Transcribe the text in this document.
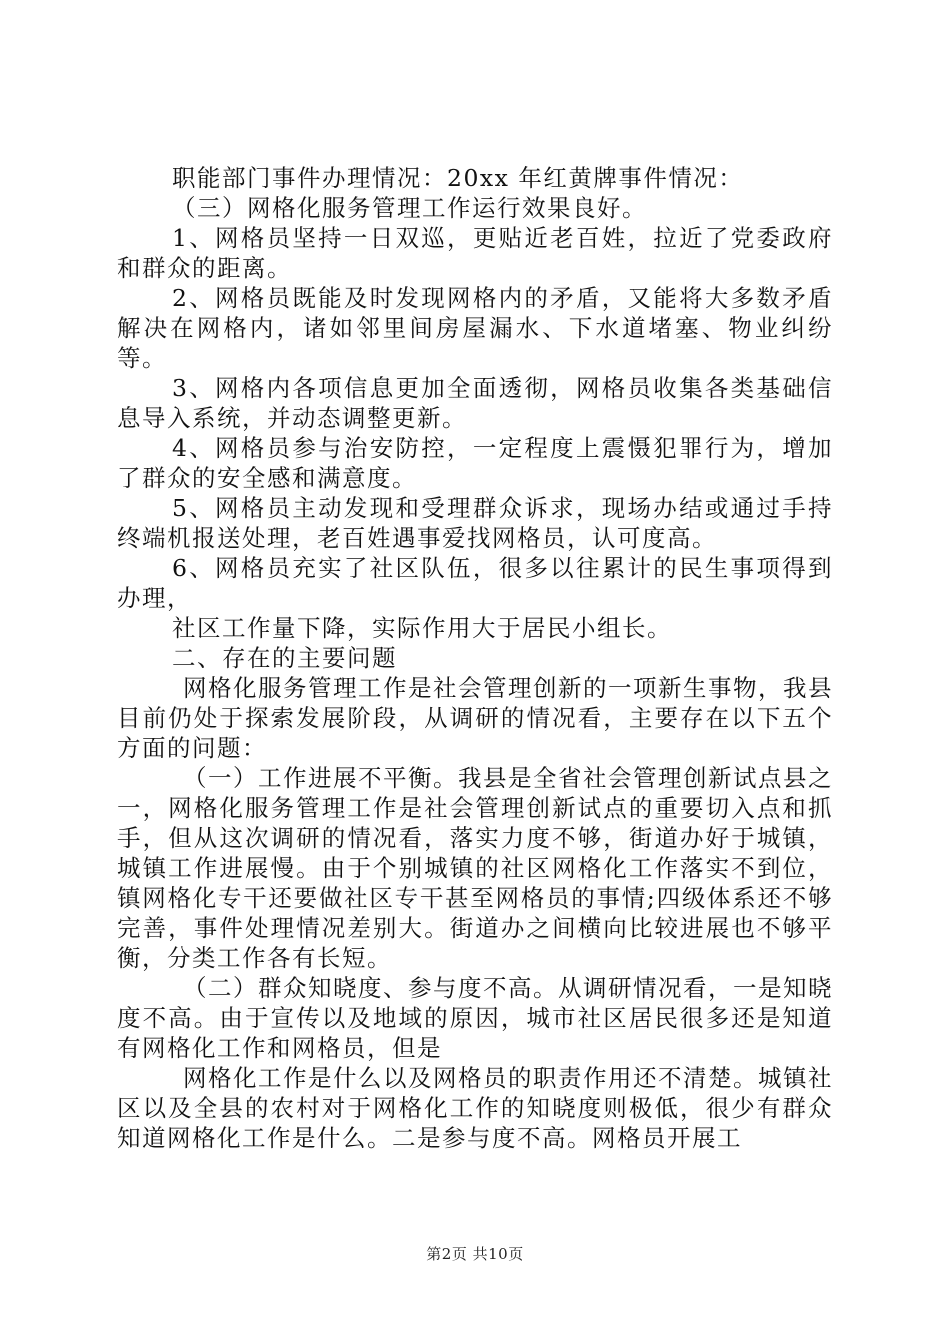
职能部门事件办理情况：20xx 年红黄牌事件情况：

（三）网格化服务管理工作运行效果良好。

1、网格员坚持一日双巡，更贴近老百姓，拉近了党委政府和群众的距离。

2、网格员既能及时发现网格内的矛盾，又能将大多数矛盾解决在网格内，诸如邻里间房屋漏水、下水道堵塞、物业纠纷等。

3、网格内各项信息更加全面透彻，网格员收集各类基础信息导入系统，并动态调整更新。

4、网格员参与治安防控，一定程度上震慑犯罪行为，增加了群众的安全感和满意度。

5、网格员主动发现和受理群众诉求，现场办结或通过手持终端机报送处理，老百姓遇事爱找网格员，认可度高。

6、网格员充实了社区队伍，很多以往累计的民生事项得到办理，

社区工作量下降，实际作用大于居民小组长。

二、存在的主要问题

网格化服务管理工作是社会管理创新的一项新生事物，我县目前仍处于探索发展阶段，从调研的情况看，主要存在以下五个方面的问题：

（一）工作进展不平衡。我县是全省社会管理创新试点县之一，网格化服务管理工作是社会管理创新试点的重要切入点和抓手，但从这次调研的情况看，落实力度不够，街道办好于城镇，城镇工作进展慢。由于个别城镇的社区网格化工作落实不到位，镇网格化专干还要做社区专干甚至网格员的事情;四级体系还不够完善，事件处理情况差别大。街道办之间横向比较进展也不够平衡，分类工作各有长短。

（二）群众知晓度、参与度不高。从调研情况看，一是知晓度不高。由于宣传以及地域的原因，城市社区居民很多还是知道有网格化工作和网格员，但是

网格化工作是什么以及网格员的职责作用还不清楚。城镇社区以及全县的农村对于网格化工作的知晓度则极低，很少有群众知道网格化工作是什么。二是参与度不高。网格员开展工

第2页 共10页
